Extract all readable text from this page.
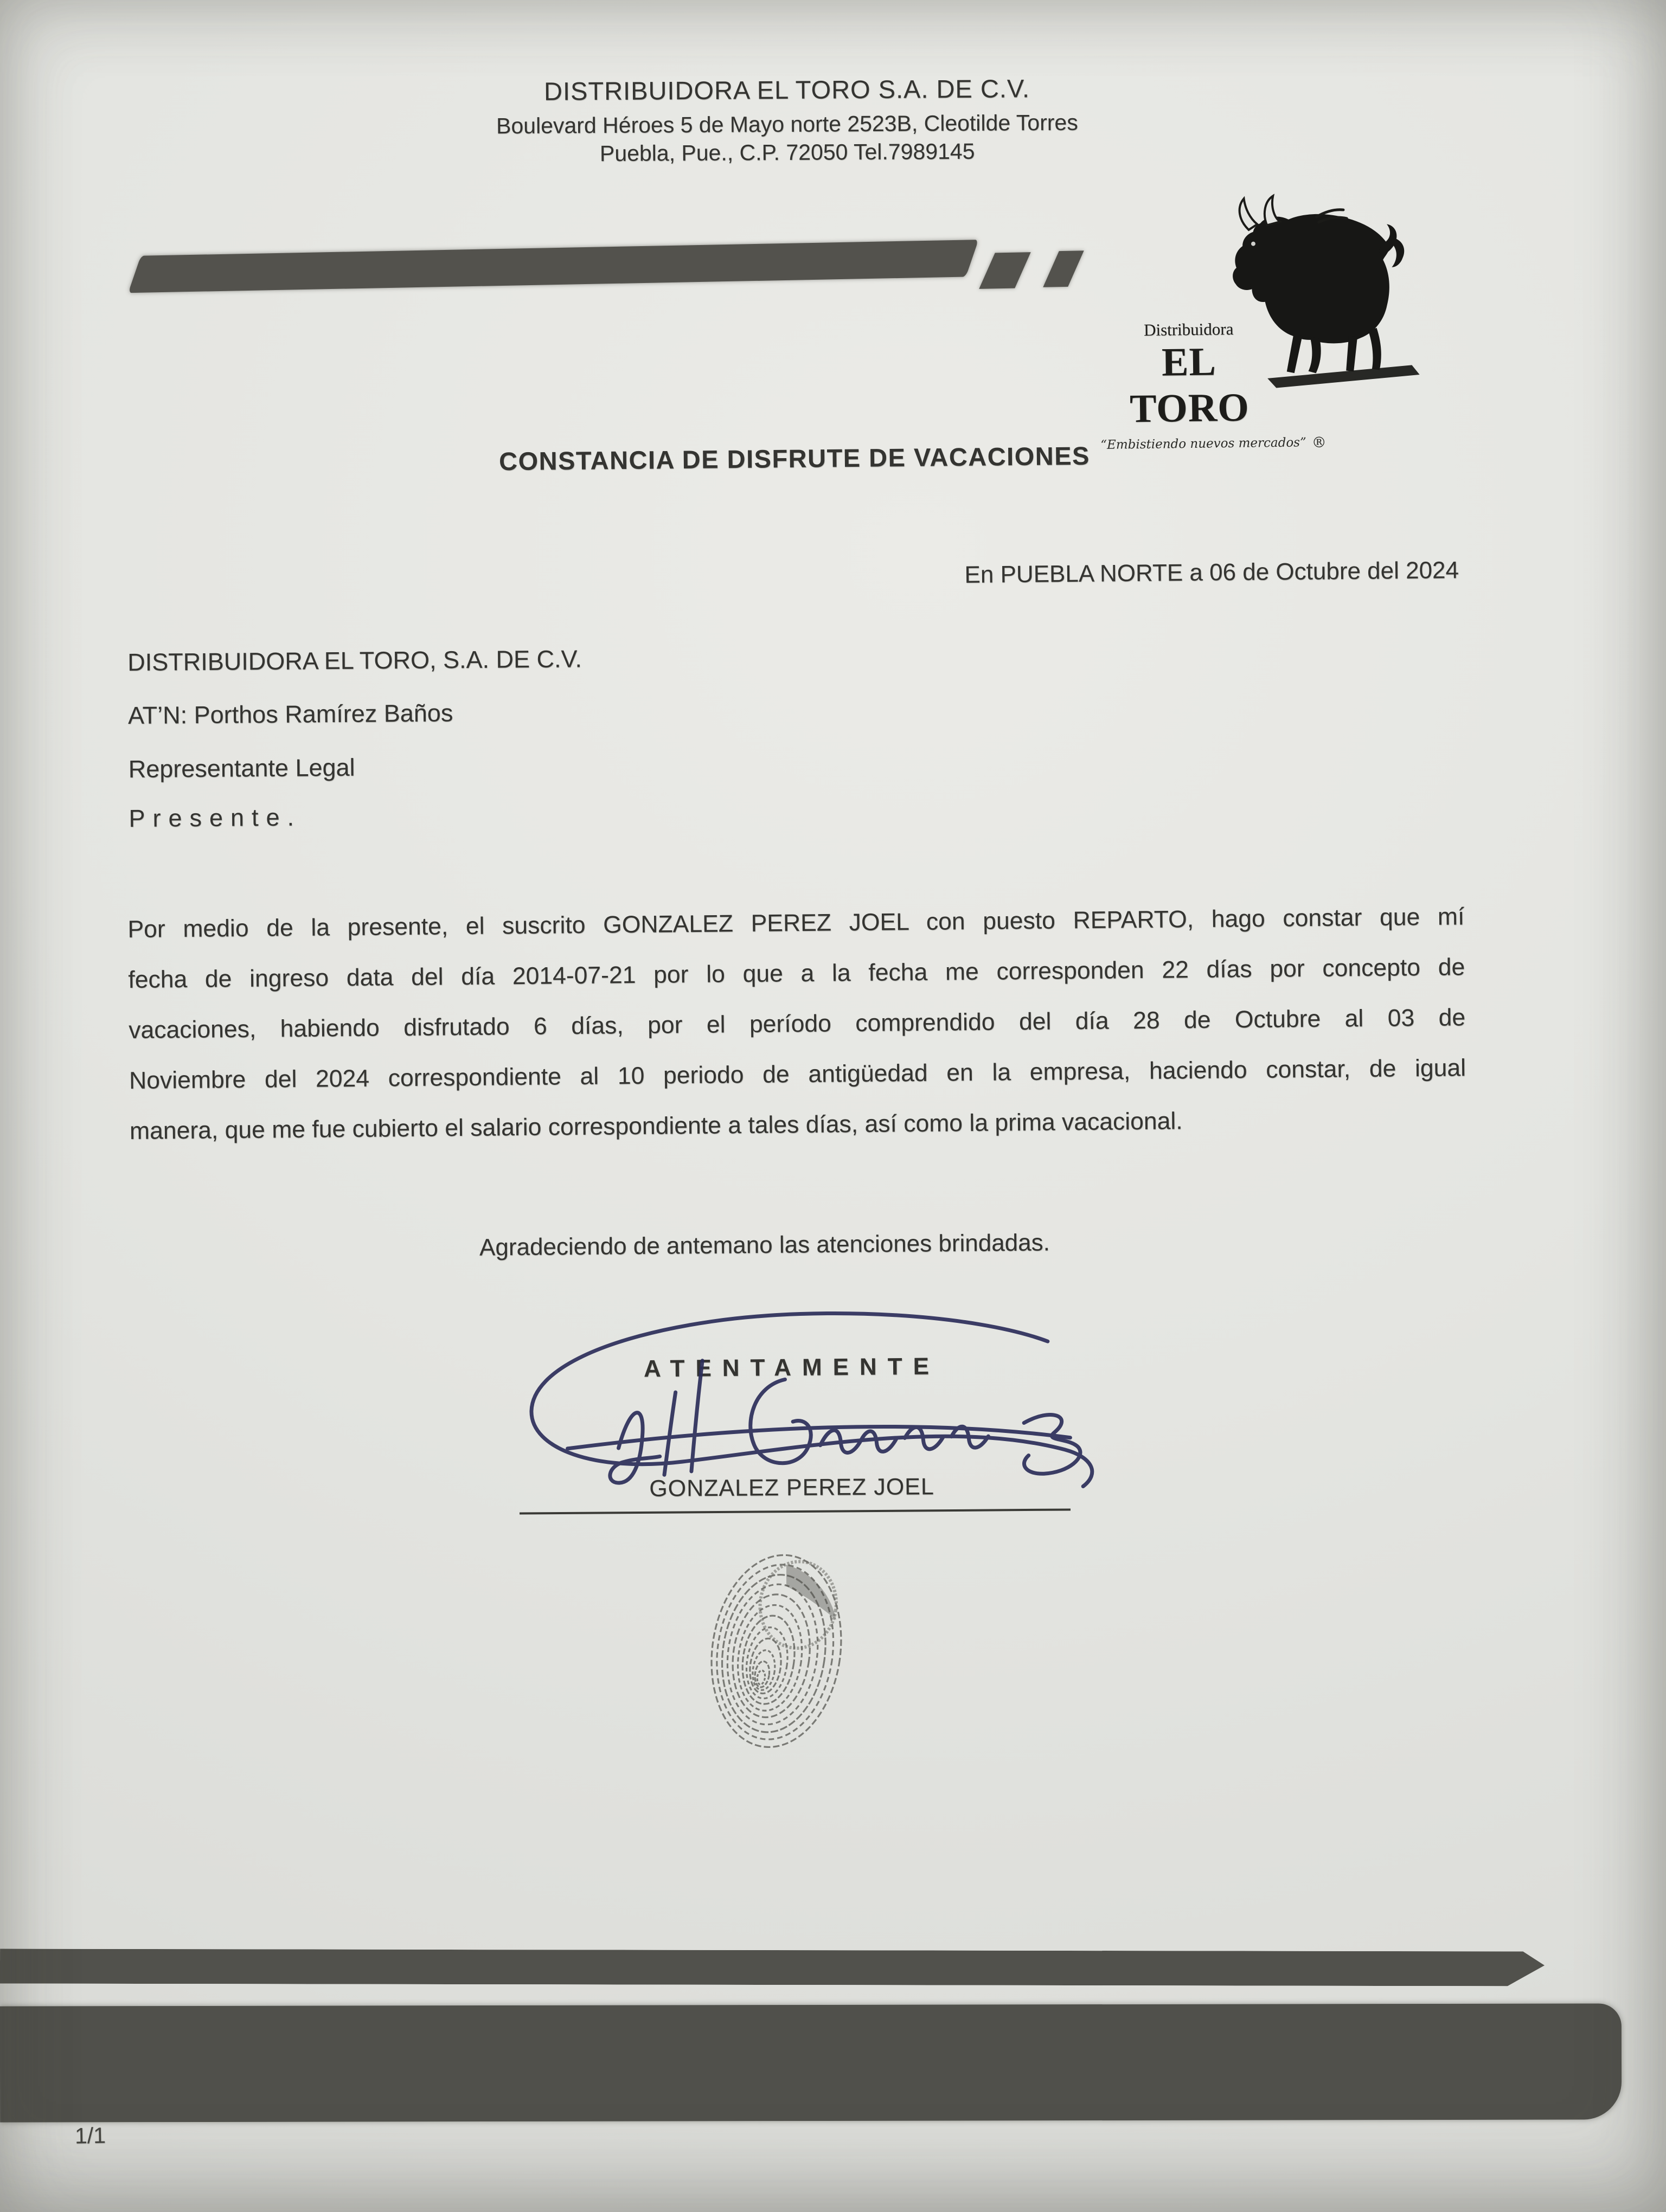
DISTRIBUIDORA EL TORO S.A. DE C.V.
Boulevard Héroes 5 de Mayo norte 2523B, Cleotilde Torres
Puebla, Pue., C.P. 72050 Tel.7989145
Distribuidora
EL TORO
“Embistiendo nuevos mercados” ®
CONSTANCIA DE DISFRUTE DE VACACIONES
En PUEBLA NORTE a 06 de Octubre del 2024
DISTRIBUIDORA EL TORO, S.A. DE C.V.
AT’N: Porthos Ramírez Baños
Representante Legal
Presente.
Por medio de la presente, el suscrito GONZALEZ PEREZ JOEL con puesto REPARTO, hago constar que mí
fecha de ingreso data del día 2014-07-21 por lo que a la fecha me corresponden 22 días por concepto de
vacaciones, habiendo disfrutado 6 días, por el período comprendido del día 28 de Octubre al 03 de
Noviembre del 2024 correspondiente al 10 periodo de antigüedad en la empresa, haciendo constar, de igual
manera, que me fue cubierto el salario correspondiente a tales días, así como la prima vacacional.
Agradeciendo de antemano las atenciones brindadas.
ATENTAMENTE
GONZALEZ PEREZ JOEL
1/1
